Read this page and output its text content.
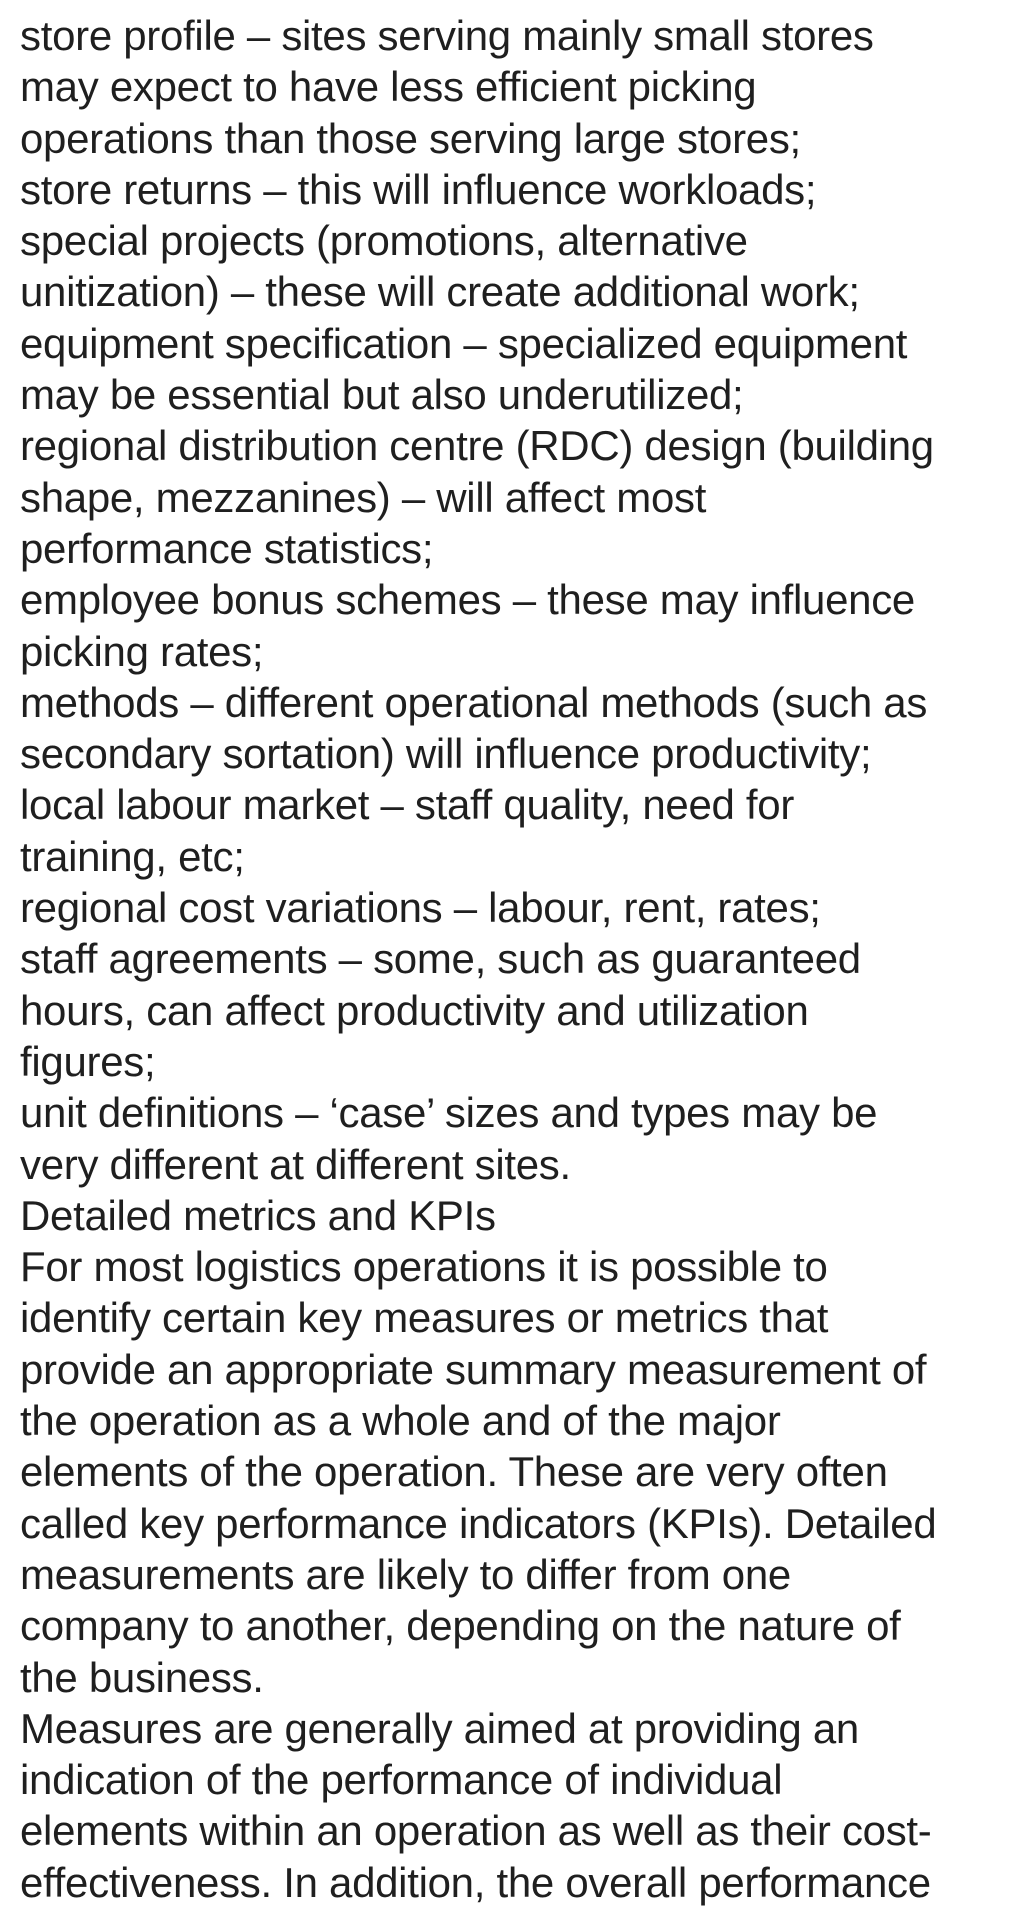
store profile – sites serving mainly small stores
may expect to have less efficient picking
operations than those serving large stores;
store returns – this will influence workloads;
special projects (promotions, alternative
unitization) – these will create additional work;
equipment specification – specialized equipment
may be essential but also underutilized;
regional distribution centre (RDC) design (building
shape, mezzanines) – will affect most
performance statistics;
employee bonus schemes – these may influence
picking rates;
methods – different operational methods (such as
secondary sortation) will influence productivity;
local labour market – staff quality, need for
training, etc;
regional cost variations – labour, rent, rates;
staff agreements – some, such as guaranteed
hours, can affect productivity and utilization
figures;
unit definitions – ‘case’ sizes and types may be
very different at different sites.
Detailed metrics and KPIs
For most logistics operations it is possible to
identify certain key measures or metrics that
provide an appropriate summary measurement of
the operation as a whole and of the major
elements of the operation. These are very often
called key performance indicators (KPIs). Detailed
measurements are likely to differ from one
company to another, depending on the nature of
the business.
Measures are generally aimed at providing an
indication of the performance of individual
elements within an operation as well as their cost-
effectiveness. In addition, the overall performance
